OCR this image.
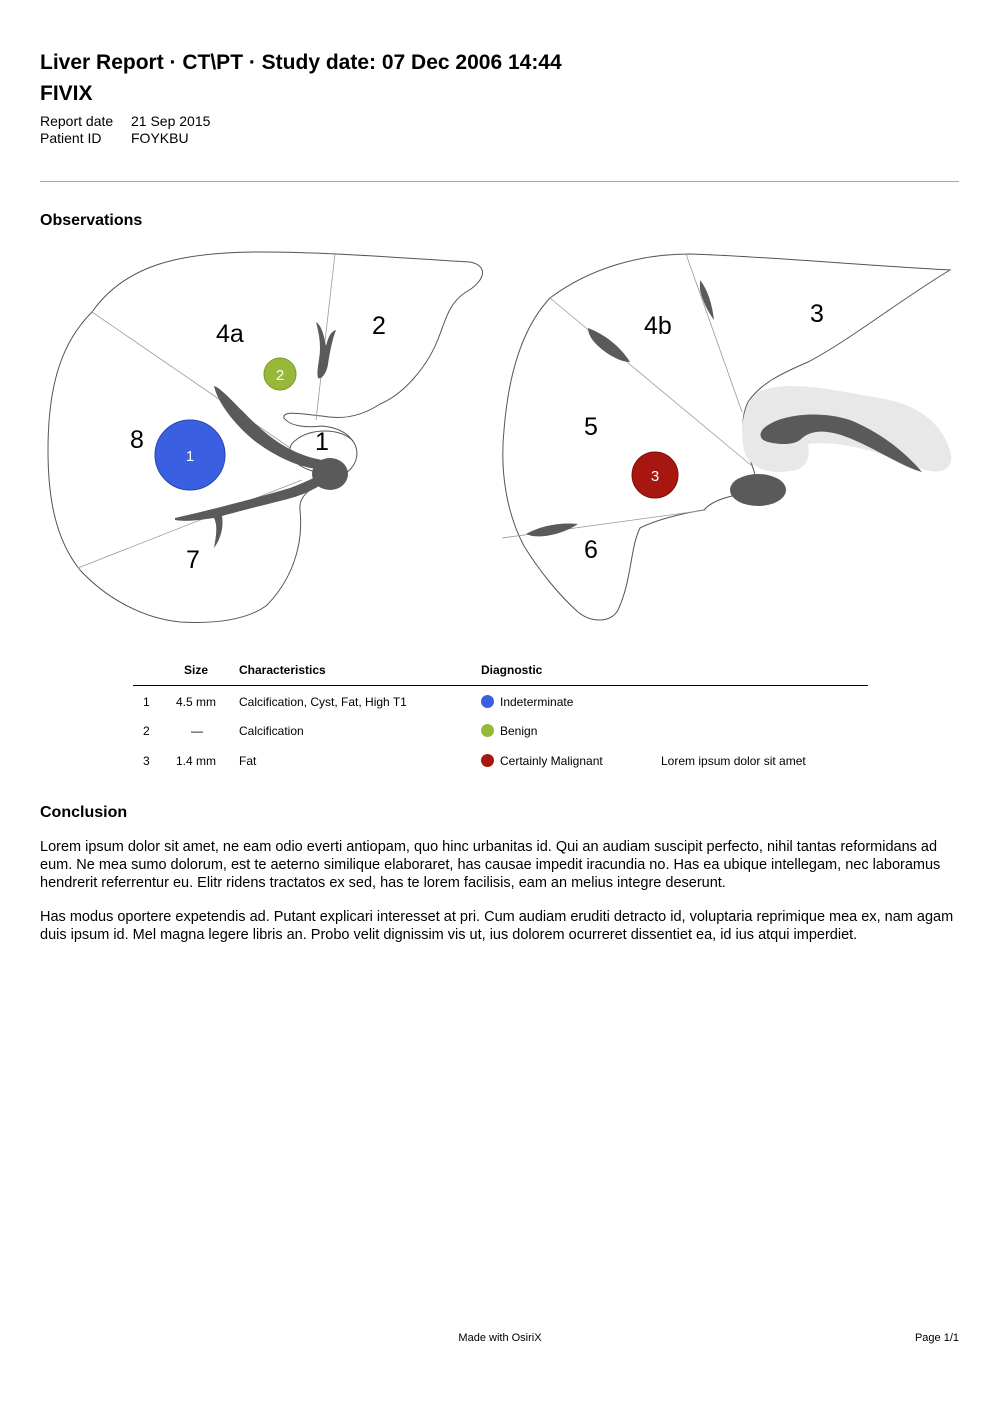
Liver Report · CT\PT · Study date: 07 Dec 2006 14:44
FIVIX
Report date 21 Sep 2015
Patient ID FOYKBU
Observations
8
4a	2
1
7
4b	3
5
6
1
2
3
Size	Characteristics	Diagnostic
1 4.5 mm Calcification, Cyst, Fat, High T1	Indeterminate
2	—	Calcification	Benign
3 1.4 mm Fat	Certainly Malignant	Lorem ipsum dolor sit amet
Conclusion
Lorem ipsum dolor sit amet, ne eam odio everti antiopam, quo hinc urbanitas id. Qui an audiam suscipit perfecto, nihil tantas reformidans ad eum. Ne mea sumo dolorum, est te aeterno similique elaboraret, has causae impedit iracundia no. Has ea ubique intellegam, nec laboramus hendrerit referrentur eu. Elitr ridens tractatos ex sed, has te lorem facilisis, eam an melius integre deserunt.
Has modus oportere expetendis ad. Putant explicari interesset at pri. Cum audiam eruditi detracto id, voluptaria reprimique mea ex, nam agam duis ipsum id. Mel magna legere libris an. Probo velit dignissim vis ut, ius dolorem ocurreret dissentiet ea, id ius atqui imperdiet.
Made with OsiriX	Page 1/1
